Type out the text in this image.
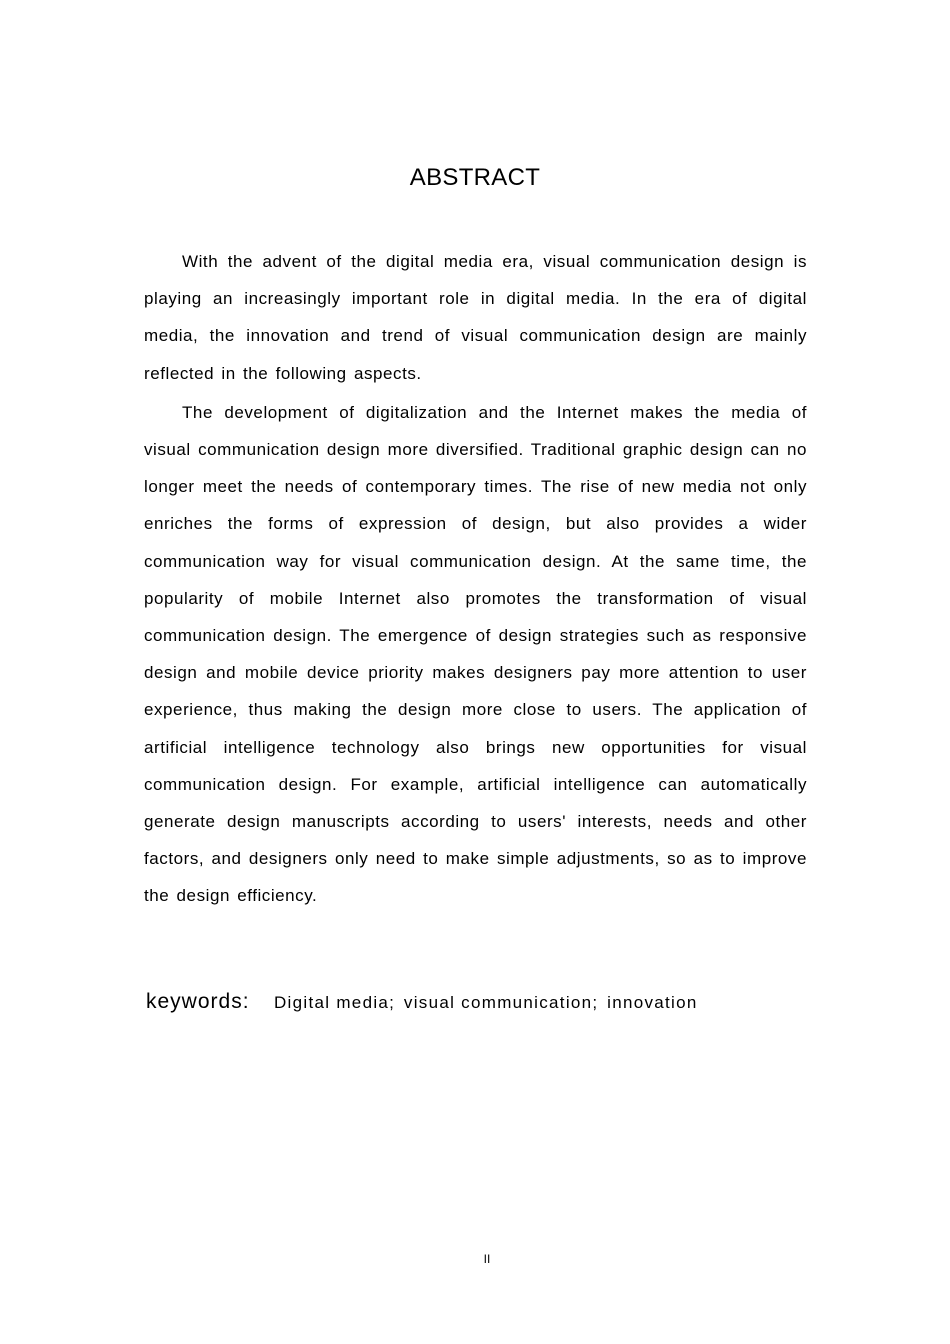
ABSTRACT

With the advent of the digital media era, visual communication design is playing an increasingly important role in digital media. In the era of digital media, the innovation and trend of visual communication design are mainly reflected in the following aspects.

The development of digitalization and the Internet makes the media of visual communication design more diversified. Traditional graphic design can no longer meet the needs of contemporary times. The rise of new media not only enriches the forms of expression of design, but also provides a wider communication way for visual communication design. At the same time, the popularity of mobile Internet also promotes the transformation of visual communication design. The emergence of design strategies such as responsive design and mobile device priority makes designers pay more attention to user experience, thus making the design more close to users. The application of artificial intelligence technology also brings new opportunities for visual communication design. For example, artificial intelligence can automatically generate design manuscripts according to users' interests, needs and other factors, and designers only need to make simple adjustments, so as to improve the design efficiency.

keywords: Digital media; visual communication; innovation
II
